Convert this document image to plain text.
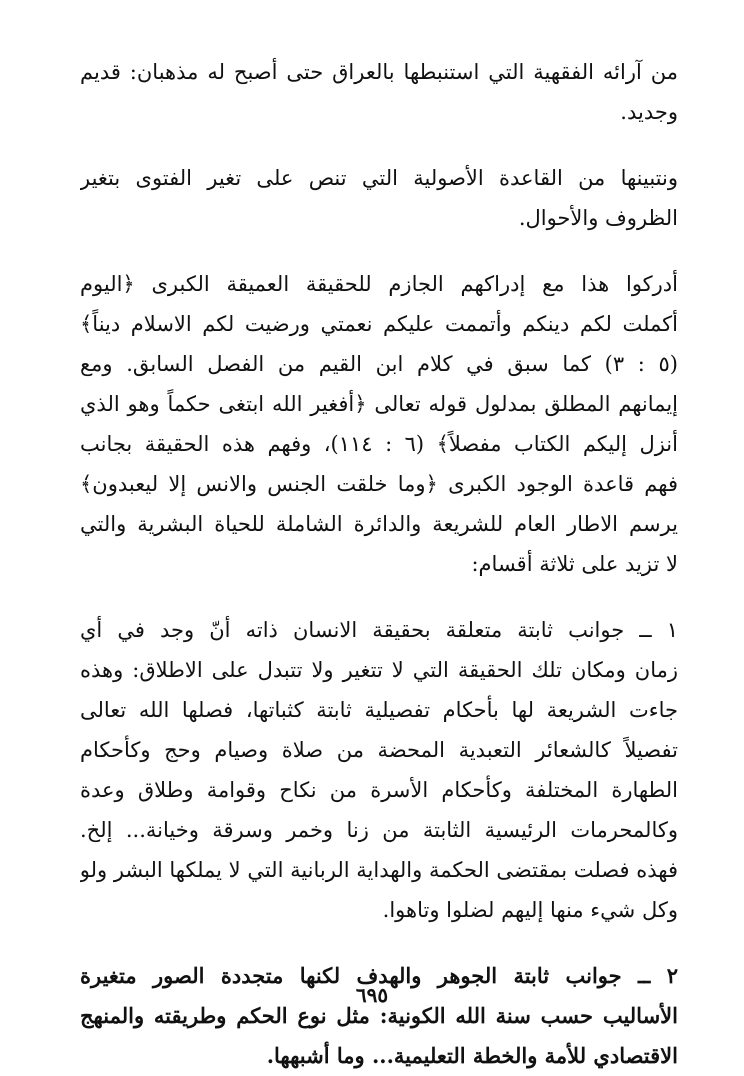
من آرائه الفقهية التي استنبطها بالعراق حتى أصبح له مذهبان: قديم
وجديد.

ونتبينها من القاعدة الأصولية التي تنص على تغير الفتوى بتغير
الظروف والأحوال.

أدركوا هذا مع إدراكهم الجازم للحقيقة العميقة الكبرى ﴿اليوم
أكملت لكم دينكم وأتممت عليكم نعمتي ورضيت لكم الاسلام ديناً﴾
(٥ : ٣) كما سبق في كلام ابن القيم من الفصل السابق. ومع
إيمانهم المطلق بمدلول قوله تعالى ﴿أفغير الله ابتغى حكماً وهو الذي
أنزل إليكم الكتاب مفصلاً﴾ (٦ : ١١٤)، وفهم هذه الحقيقة بجانب
فهم قاعدة الوجود الكبرى ﴿وما خلقت الجنس والانس إلا ليعبدون﴾
يرسم الاطار العام للشريعة والدائرة الشاملة للحياة البشرية والتي
لا تزيد على ثلاثة أقسام:

١ ــ جوانب ثابتة متعلقة بحقيقة الانسان ذاته أنّ وجد في أي
زمان ومكان تلك الحقيقة التي لا تتغير ولا تتبدل على الاطلاق: وهذه
جاءت الشريعة لها بأحكام تفصيلية ثابتة كثباتها، فصلها الله تعالى
تفصيلاً كالشعائر التعبدية المحضة من صلاة وصيام وحج وكأحكام
الطهارة المختلفة وكأحكام الأسرة من نكاح وقوامة وطلاق وعدة
وكالمحرمات الرئيسية الثابتة من زنا وخمر وسرقة وخيانة... إلخ.
فهذه فصلت بمقتضى الحكمة والهداية الربانية التي لا يملكها البشر ولو
وكل شيء منها إليهم لضلوا وتاهوا.

٢ ــ جوانب ثابتة الجوهر والهدف لكنها متجددة الصور متغيرة
الأساليب حسب سنة الله الكونية: مثل نوع الحكم وطريقته والمنهج
الاقتصادي للأمة والخطة التعليمية... وما أشبهها.

٦٩٥
